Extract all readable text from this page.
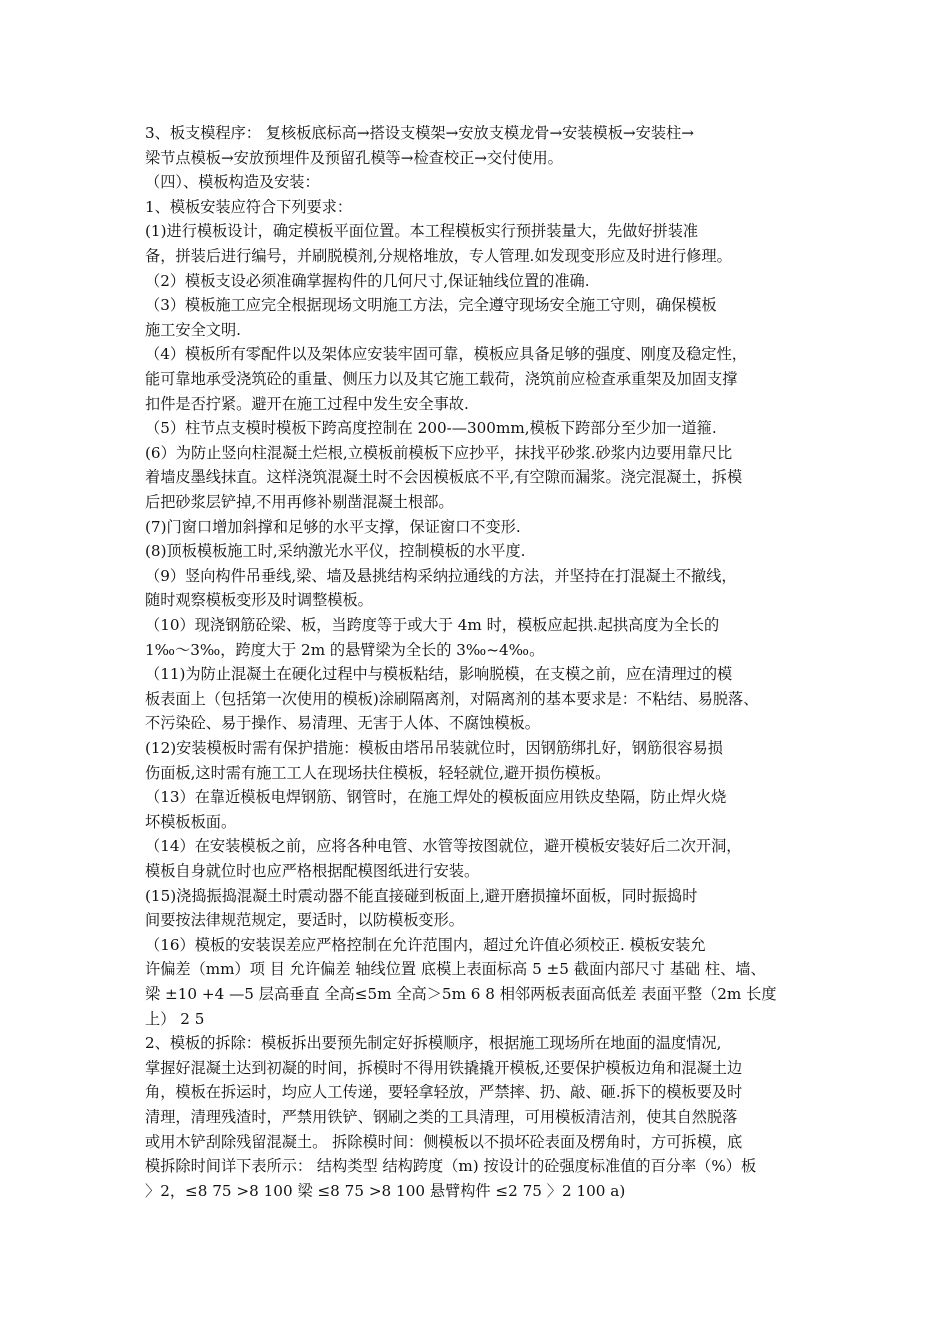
3、板支模程序： 复核板底标高→搭设支模架→安放支模龙骨→安装模板→安装柱→
梁节点模板→安放预埋件及预留孔模等→检查校正→交付使用。
（四）、模板构造及安装：
1、模板安装应符合下列要求：
(1)进行模板设计，确定模板平面位置。本工程模板实行预拼装量大，先做好拼装准
备，拼装后进行编号，并刷脱模剂,分规格堆放，专人管理.如发现变形应及时进行修理。
（2）模板支设必须准确掌握构件的几何尺寸,保证轴线位置的准确.
（3）模板施工应完全根据现场文明施工方法，完全遵守现场安全施工守则，确保模板
施工安全文明.
（4）模板所有零配件以及架体应安装牢固可靠，模板应具备足够的强度、刚度及稳定性，
能可靠地承受浇筑砼的重量、侧压力以及其它施工载荷，浇筑前应检查承重架及加固支撑
扣件是否拧紧。避开在施工过程中发生安全事故.
（5）柱节点支模时模板下跨高度控制在 200-—300mm,模板下跨部分至少加一道箍.
(6）为防止竖向柱混凝土烂根,立模板前模板下应抄平，抹找平砂浆.砂浆内边要用靠尺比
着墙皮墨线抹直。这样浇筑混凝土时不会因模板底不平,有空隙而漏浆。浇完混凝土，拆模
后把砂浆层铲掉,不用再修补剔凿混凝土根部。
(7)门窗口增加斜撑和足够的水平支撑，保证窗口不变形.
(8)顶板模板施工时,采纳激光水平仪，控制模板的水平度.
（9）竖向构件吊垂线,梁、墙及悬挑结构采纳拉通线的方法，并坚持在打混凝土不撤线，
随时观察模板变形及时调整模板。
（10）现浇钢筋砼梁、板，当跨度等于或大于 4m 时，模板应起拱.起拱高度为全长的
1‰～3‰，跨度大于 2m 的悬臂梁为全长的 3‰~4‰。
（11)为防止混凝土在硬化过程中与模板粘结，影响脱模，在支模之前，应在清理过的模
板表面上（包括第一次使用的模板)涂刷隔离剂，对隔离剂的基本要求是：不粘结、易脱落、
不污染砼、易于操作、易清理、无害于人体、不腐蚀模板。
(12)安装模板时需有保护措施：模板由塔吊吊装就位时，因钢筋绑扎好，钢筋很容易损
伤面板,这时需有施工工人在现场扶住模板，轻轻就位,避开损伤模板。
（13）在靠近模板电焊钢筋、钢管时，在施工焊处的模板面应用铁皮垫隔，防止焊火烧
坏模板板面。
（14）在安装模板之前，应将各种电管、水管等按图就位，避开模板安装好后二次开洞，
模板自身就位时也应严格根据配模图纸进行安装。
(15)浇捣振捣混凝土时震动器不能直接碰到板面上,避开磨损撞坏面板，同时振捣时
间要按法律规范规定，要适时，以防模板变形。
（16）模板的安装误差应严格控制在允许范围内，超过允许值必须校正. 模板安装允
许偏差（mm）项 目 允许偏差 轴线位置 底模上表面标高 5 ±5 截面内部尺寸 基础 柱、墙、
梁 ±10 +4 —5 层高垂直 全高≤5m 全高＞5m 6 8 相邻两板表面高低差 表面平整（2m 长度
上） 2 5
2、模板的拆除：模板拆出要预先制定好拆模顺序，根据施工现场所在地面的温度情况,
掌握好混凝土达到初凝的时间，拆模时不得用铁撬撬开模板,还要保护模板边角和混凝土边
角，模板在拆运时，均应人工传递，要轻拿轻放，严禁摔、扔、敲、砸.拆下的模板要及时
清理，清理残渣时，严禁用铁铲、钢刷之类的工具清理，可用模板清洁剂，使其自然脱落
或用木铲刮除残留混凝土。 拆除模时间：侧模板以不损坏砼表面及楞角时，方可拆模，底
模拆除时间详下表所示： 结构类型 结构跨度（m) 按设计的砼强度标准值的百分率（%）板
〉2，≤8 75 >8 100 梁 ≤8 75 >8 100 悬臂构件 ≤2 75 〉2 100 a)
